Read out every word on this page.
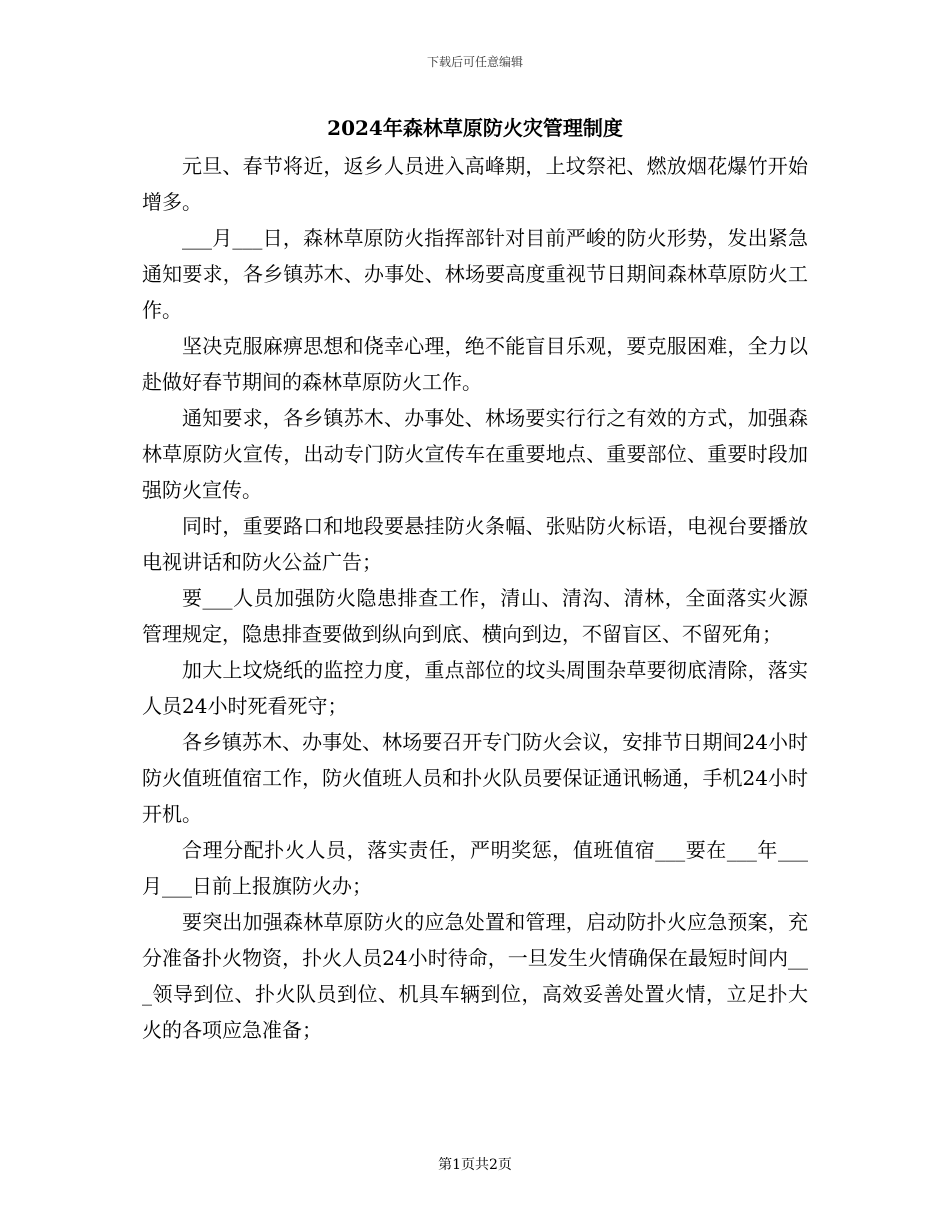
下载后可任意编辑
2024年森林草原防火灾管理制度

元旦、春节将近，返乡人员进入高峰期，上坟祭祀、燃放烟花爆竹开始增多。

___月___日，森林草原防火指挥部针对目前严峻的防火形势，发出紧急通知要求，各乡镇苏木、办事处、林场要高度重视节日期间森林草原防火工作。

坚决克服麻痹思想和侥幸心理，绝不能盲目乐观，要克服困难，全力以赴做好春节期间的森林草原防火工作。

通知要求，各乡镇苏木、办事处、林场要实行行之有效的方式，加强森林草原防火宣传，出动专门防火宣传车在重要地点、重要部位、重要时段加强防火宣传。

同时，重要路口和地段要悬挂防火条幅、张贴防火标语，电视台要播放电视讲话和防火公益广告；

要___人员加强防火隐患排查工作，清山、清沟、清林，全面落实火源管理规定，隐患排查要做到纵向到底、横向到边，不留盲区、不留死角；

加大上坟烧纸的监控力度，重点部位的坟头周围杂草要彻底清除，落实人员24小时死看死守；

各乡镇苏木、办事处、林场要召开专门防火会议，安排节日期间24小时防火值班值宿工作，防火值班人员和扑火队员要保证通讯畅通，手机24小时开机。

合理分配扑火人员，落实责任，严明奖惩，值班值宿___要在___年___月___日前上报旗防火办；

要突出加强森林草原防火的应急处置和管理，启动防扑火应急预案，充分准备扑火物资，扑火人员24小时待命，一旦发生火情确保在最短时间内___领导到位、扑火队员到位、机具车辆到位，高效妥善处置火情，立足扑大火的各项应急准备；

第1页共2页
